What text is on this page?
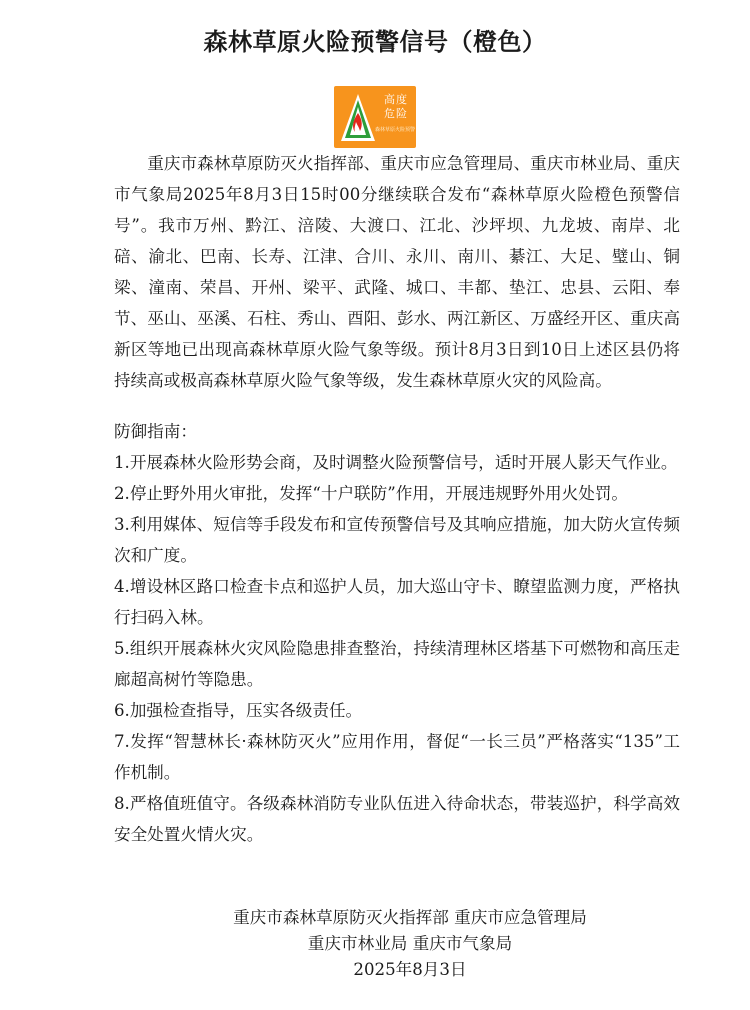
森林草原火险预警信号（橙色）
高度
危险
森林草原火险预警

重庆市森林草原防灭火指挥部、重庆市应急管理局、重庆市林业局、重庆市气象局2025年8月3日15时00分继续联合发布“森林草原火险橙色预警信号”。我市万州、黔江、涪陵、大渡口、江北、沙坪坝、九龙坡、南岸、北碚、渝北、巴南、长寿、江津、合川、永川、南川、綦江、大足、璧山、铜梁、潼南、荣昌、开州、梁平、武隆、城口、丰都、垫江、忠县、云阳、奉节、巫山、巫溪、石柱、秀山、酉阳、彭水、两江新区、万盛经开区、重庆高新区等地已出现高森林草原火险气象等级。预计8月3日到10日上述区县仍将持续高或极高森林草原火险气象等级，发生森林草原火灾的风险高。

防御指南：

1.开展森林火险形势会商，及时调整火险预警信号，适时开展人影天气作业。

2.停止野外用火审批，发挥“十户联防”作用，开展违规野外用火处罚。

3.利用媒体、短信等手段发布和宣传预警信号及其响应措施，加大防火宣传频次和广度。

4.增设林区路口检查卡点和巡护人员，加大巡山守卡、瞭望监测力度，严格执行扫码入林。

5.组织开展森林火灾风险隐患排查整治，持续清理林区塔基下可燃物和高压走廊超高树竹等隐患。

6.加强检查指导，压实各级责任。

7.发挥“智慧林长·森林防灭火”应用作用，督促“一长三员”严格落实“135”工作机制。

8.严格值班值守。各级森林消防专业队伍进入待命状态，带装巡护，科学高效安全处置火情火灾。

重庆市森林草原防灭火指挥部 重庆市应急管理局
重庆市林业局 重庆市气象局
2025年8月3日
